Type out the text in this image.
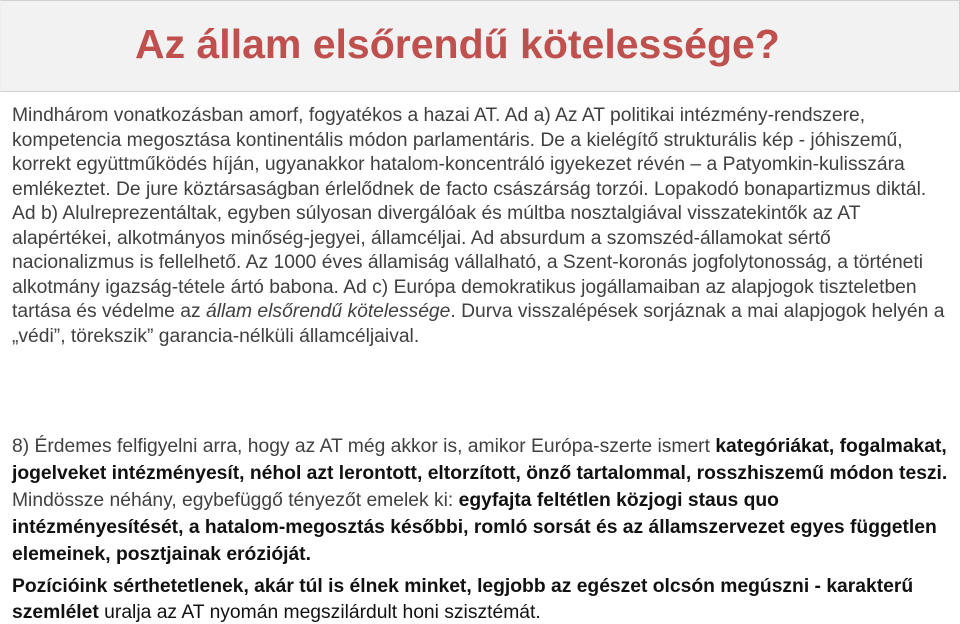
Az állam elsőrendű kötelessége?

Mindhárom vonatkozásban amorf, fogyatékos a hazai AT. Ad a) Az AT politikai intézmény-rendszere, kompetencia megosztása kontinentális módon parlamentáris. De a kielégítő strukturális kép - jóhiszemű, korrekt együttműködés híján, ugyanakkor hatalom-koncentráló igyekezet révén – a Patyomkin-kulisszára emlékeztet. De jure köztársaságban érlelődnek de facto császárság torzói. Lopakodó bonapartizmus diktál. Ad b) Alulreprezentáltak, egyben súlyosan divergálóak és múltba nosztalgiával visszatekintők az AT alapértékei, alkotmányos minőség-jegyei, államcéljai. Ad absurdum a szomszéd-államokat sértő nacionalizmus is fellelhető. Az 1000 éves államiság vállalható, a Szent-koronás jogfolytonosság, a történeti alkotmány igazság-tétele ártó babona. Ad c) Európa demokratikus jogállamaiban az alapjogok tiszteletben tartása és védelme az állam elsőrendű kötelessége. Durva visszalépések sorjáznak a mai alapjogok helyén a „védi”, törekszik” garancia-nélküli államcéljaival.

8) Érdemes felfigyelni arra, hogy az AT még akkor is, amikor Európa-szerte ismert kategóriákat, fogalmakat, jogelveket intézményesít, néhol azt lerontott, eltorzított, önző tartalommal, rosszhiszemű módon teszi. Mindössze néhány, egybefüggő tényezőt emelek ki: egyfajta feltétlen közjogi staus quo intézményesítését, a hatalom-megosztás későbbi, romló sorsát és az államszervezet egyes független elemeinek, posztjainak erózióját.

Pozícióink sérthetetlenek, akár túl is élnek minket, legjobb az egészet olcsón megúszni - karakterű szemlélet uralja az AT nyomán megszilárdult honi szisztémát.
